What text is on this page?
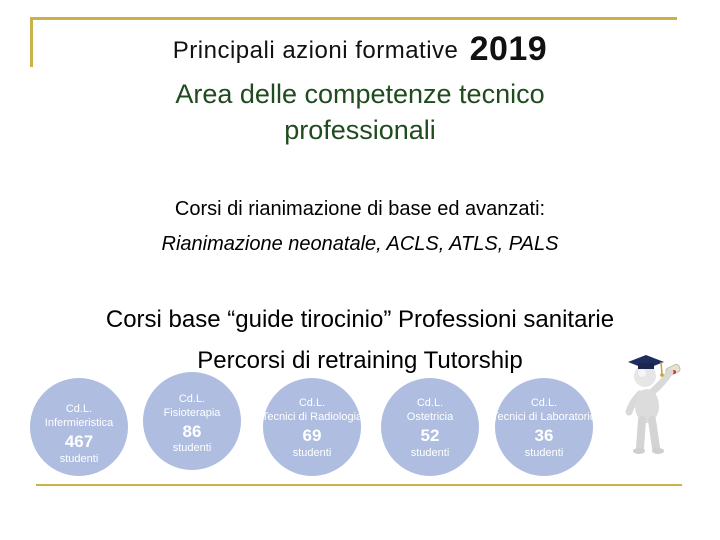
Principali azioni formative 2019
Area delle competenze tecnico
professionali
Corsi di rianimazione di base ed avanzati:
Rianimazione neonatale, ACLS, ATLS, PALS
Corsi base “guide tirocinio” Professioni sanitarie
Percorsi di retraining Tutorship
Cd.L.
Infermieristica
467
studenti
Cd.L.
Fisioterapia
86
studenti
Cd.L.
Tecnici di Radiologia
69
studenti
Cd.L.
Ostetricia
52
studenti
Cd.L.
Tecnici di Laboratorio
36
studenti
